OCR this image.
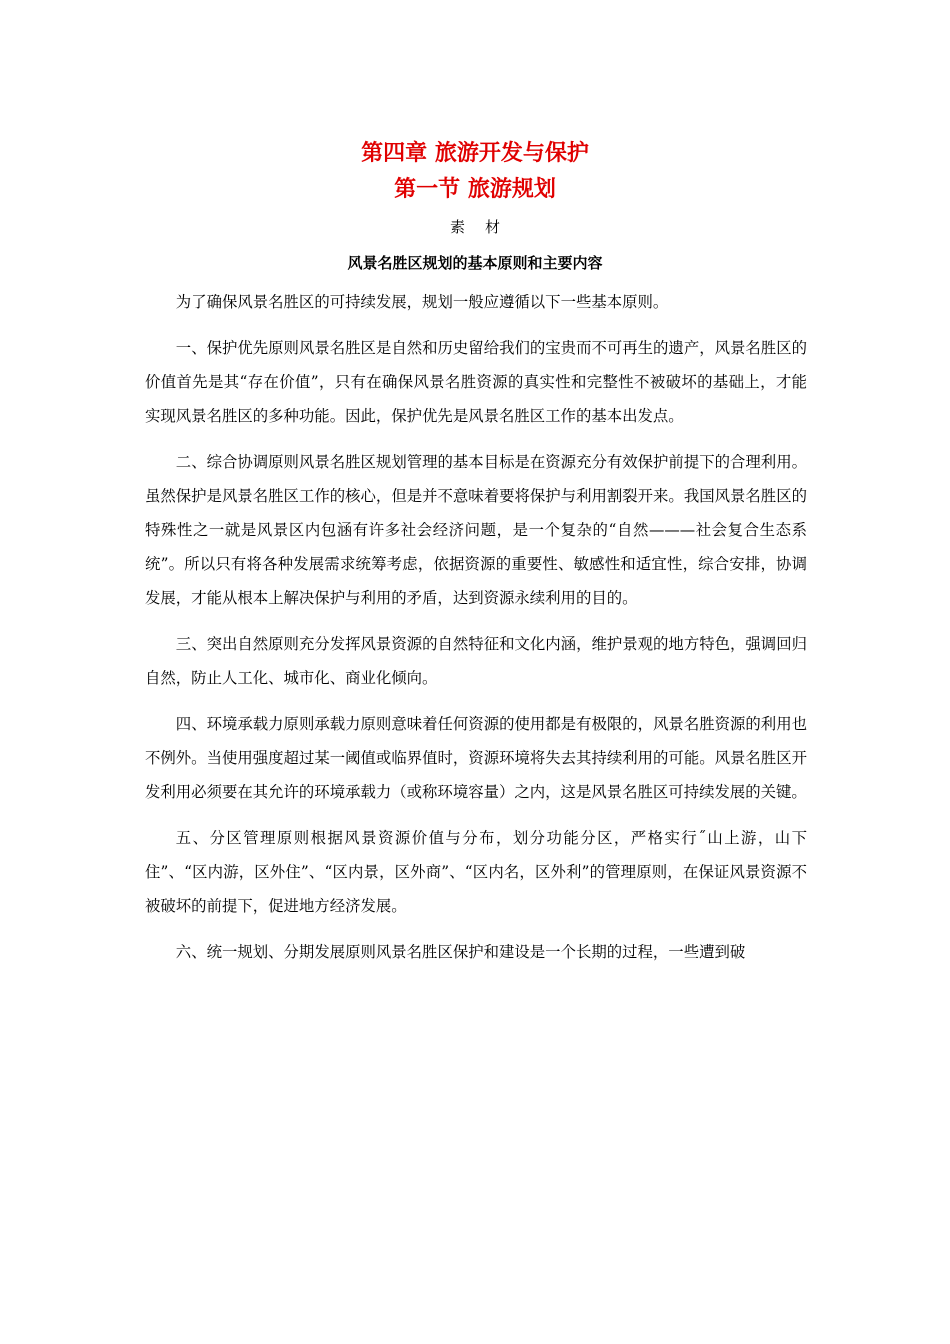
第四章 旅游开发与保护
第一节 旅游规划
素材
风景名胜区规划的基本原则和主要内容

为了确保风景名胜区的可持续发展，规划一般应遵循以下一些基本原则。

一、保护优先原则风景名胜区是自然和历史留给我们的宝贵而不可再生的遗产，风景名胜区的价值首先是其“存在价值”，只有在确保风景名胜资源的真实性和完整性不被破坏的基础上，才能实现风景名胜区的多种功能。因此，保护优先是风景名胜区工作的基本出发点。

二、综合协调原则风景名胜区规划管理的基本目标是在资源充分有效保护前提下的合理利用。虽然保护是风景名胜区工作的核心，但是并不意味着要将保护与利用割裂开来。我国风景名胜区的特殊性之一就是风景区内包涵有许多社会经济问题，是一个复杂的“自然———社会复合生态系统”。所以只有将各种发展需求统筹考虑，依据资源的重要性、敏感性和适宜性，综合安排，协调发展，才能从根本上解决保护与利用的矛盾，达到资源永续利用的目的。

三、突出自然原则充分发挥风景资源的自然特征和文化内涵，维护景观的地方特色，强调回归自然，防止人工化、城市化、商业化倾向。

四、环境承载力原则承载力原则意味着任何资源的使用都是有极限的，风景名胜资源的利用也不例外。当使用强度超过某一阈值或临界值时，资源环境将失去其持续利用的可能。风景名胜区开发利用必须要在其允许的环境承载力（或称环境容量）之内，这是风景名胜区可持续发展的关键。

五、分区管理原则根据风景资源价值与分布，划分功能分区，严格实行˝山上游，山下住”、“区内游，区外住”、“区内景，区外商”、“区内名，区外利”的管理原则，在保证风景资源不被破坏的前提下，促进地方经济发展。

六、统一规划、分期发展原则风景名胜区保护和建设是一个长期的过程，一些遭到破
